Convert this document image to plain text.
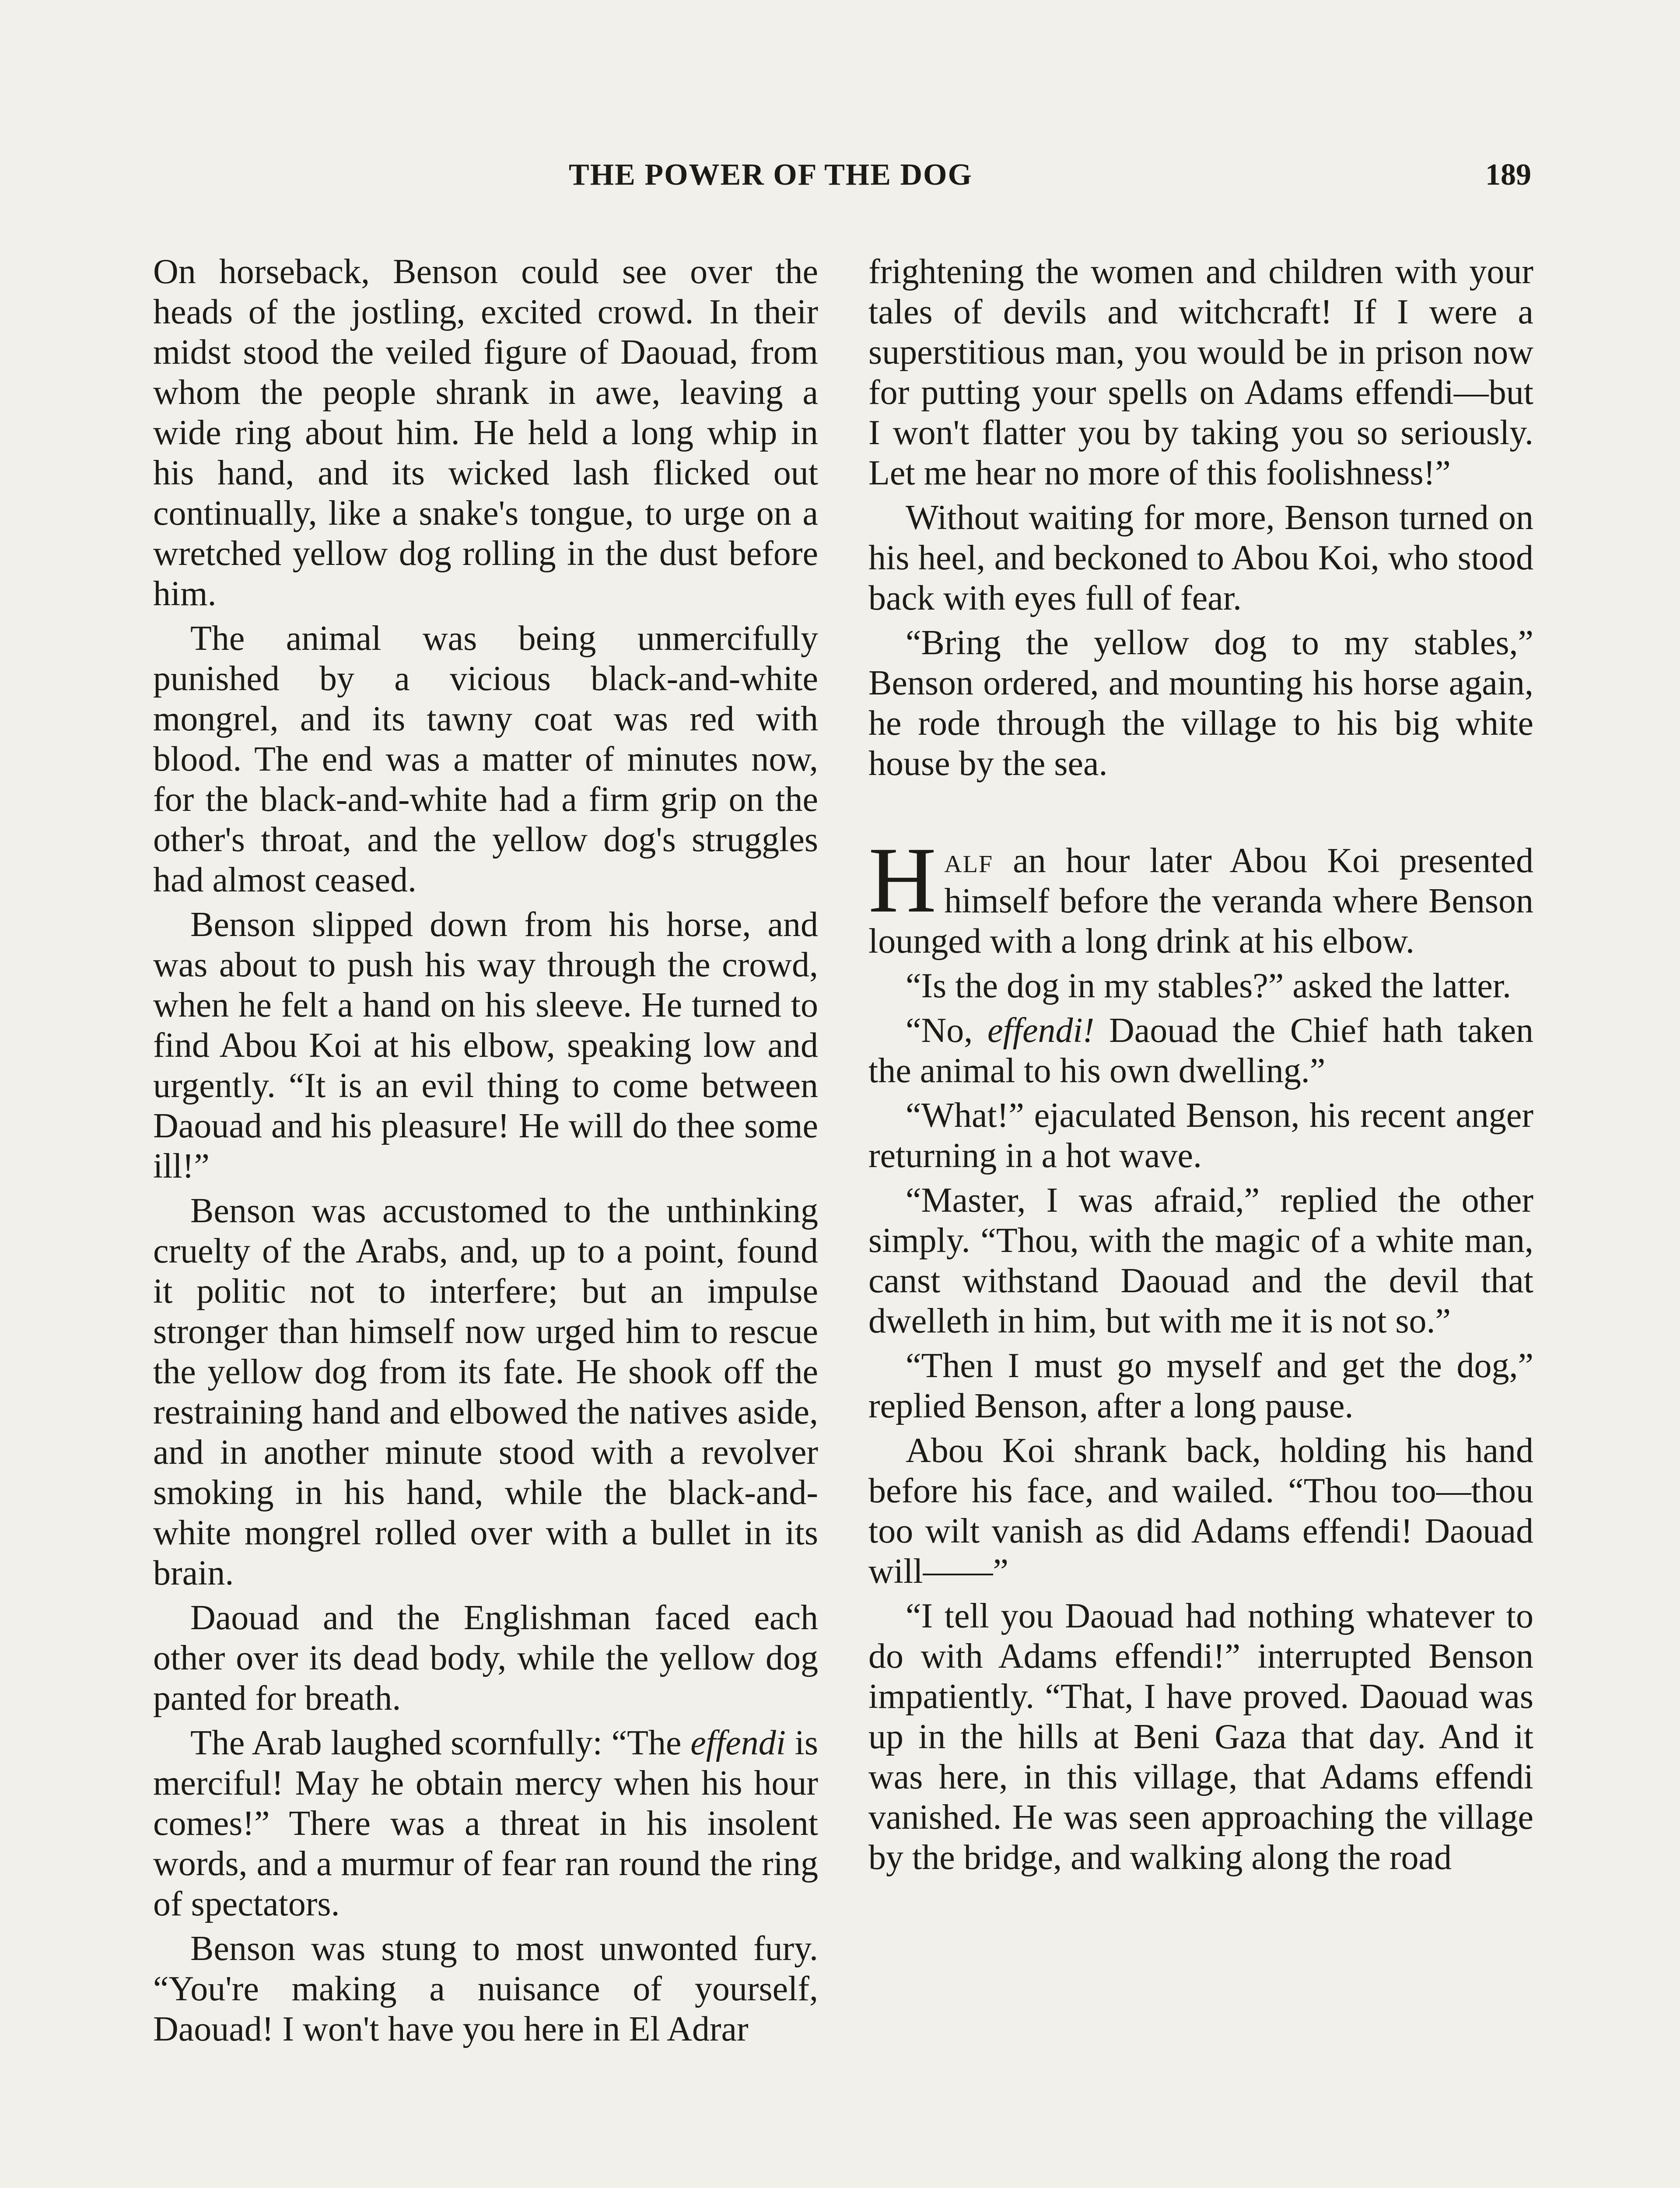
THE POWER OF THE DOG	189

On horseback, Benson could see over the heads of the jostling, excited crowd. In their midst stood the veiled figure of Daouad, from whom the people shrank in awe, leaving a wide ring about him. He held a long whip in his hand, and its wicked lash flicked out continually, like a snake's tongue, to urge on a wretched yellow dog rolling in the dust before him.

The animal was being unmercifully punished by a vicious black-and-white mongrel, and its tawny coat was red with blood. The end was a matter of minutes now, for the black-and-white had a firm grip on the other's throat, and the yellow dog's struggles had almost ceased.

Benson slipped down from his horse, and was about to push his way through the crowd, when he felt a hand on his sleeve. He turned to find Abou Koi at his elbow, speaking low and urgently. “It is an evil thing to come between Daouad and his pleasure! He will do thee some ill!”

Benson was accustomed to the unthinking cruelty of the Arabs, and, up to a point, found it politic not to interfere; but an impulse stronger than himself now urged him to rescue the yellow dog from its fate. He shook off the restraining hand and elbowed the natives aside, and in another minute stood with a revolver smoking in his hand, while the black-and-white mongrel rolled over with a bullet in its brain.

Daouad and the Englishman faced each other over its dead body, while the yellow dog panted for breath.

The Arab laughed scornfully: “The effendi is merciful! May he obtain mercy when his hour comes!” There was a threat in his insolent words, and a murmur of fear ran round the ring of spectators.

Benson was stung to most unwonted fury. “You're making a nuisance of yourself, Daouad! I won't have you here in El Adrar

frightening the women and children with your tales of devils and witchcraft! If I were a superstitious man, you would be in prison now for putting your spells on Adams effendi—but I won't flatter you by taking you so seriously. Let me hear no more of this foolishness!”

Without waiting for more, Benson turned on his heel, and beckoned to Abou Koi, who stood back with eyes full of fear.

“Bring the yellow dog to my stables,” Benson ordered, and mounting his horse again, he rode through the village to his big white house by the sea.

Half an hour later Abou Koi presented himself before the veranda where Benson lounged with a long drink at his elbow.

“Is the dog in my stables?” asked the latter.

“No, effendi! Daouad the Chief hath taken the animal to his own dwelling.”

“What!” ejaculated Benson, his recent anger returning in a hot wave.

“Master, I was afraid,” replied the other simply. “Thou, with the magic of a white man, canst withstand Daouad and the devil that dwelleth in him, but with me it is not so.”

“Then I must go myself and get the dog,” replied Benson, after a long pause.

Abou Koi shrank back, holding his hand before his face, and wailed. “Thou too—thou too wilt vanish as did Adams effendi! Daouad will——”

“I tell you Daouad had nothing whatever to do with Adams effendi!” interrupted Benson impatiently. “That, I have proved. Daouad was up in the hills at Beni Gaza that day. And it was here, in this village, that Adams effendi vanished. He was seen approaching the village by the bridge, and walking along the road
